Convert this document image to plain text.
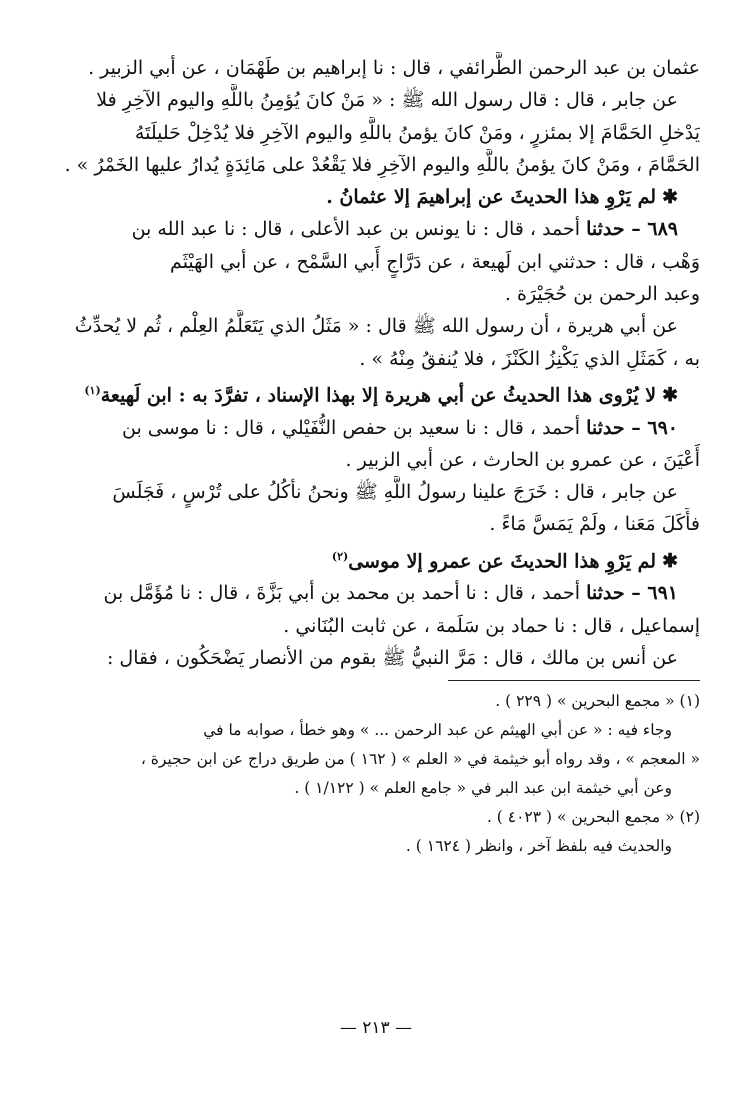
عثمان بن عبد الرحمن الطَّرائفي ، قال : نا إبراهيم بن طَهْمَان ، عن أبي الزبير .
عن جابر ، قال : قال رسول الله ﷺ : « مَنْ كانَ يُؤمِنُ باللَّهِ واليوم الآخِرِ فلا
يَدْخلِ الحَمَّامَ إلا بمئزرٍ ، ومَنْ كانَ يؤمنُ باللَّهِ واليوم الآخِرِ فلا يُدْخِلْ حَليلَتَهُ
الحَمَّامَ ، ومَنْ كانَ يؤمنُ باللَّهِ واليوم الآخِرِ فلا يَقْعُدْ على مَائِدَةٍ يُدارُ عليها الخَمْرُ » .
✱لم يَرْوِ هذا الحديثَ عن إبراهيمَ إلا عثمانُ .
٦٨٩ – حدثنا أحمد ، قال : نا يونس بن عبد الأعلى ، قال : نا عبد الله بن
وَهْب ، قال : حدثني ابن لَهيعة ، عن دَرَّاجٍ أَبي السَّمْح ، عن أبي الهَيْثَم
وعبد الرحمن بن حُجَيْرَة .
عن أبي هريرة ، أن رسول الله ﷺ قال : « مَثَلُ الذي يَتَعَلَّمُ العِلْم ، ثُم لا يُحدِّثُ
به ، كَمَثَلِ الذي يَكْنِزُ الكَنْزَ ، فلا يُنفقُ مِنْهُ » .
✱لا يُرْوى هذا الحديثُ عن أبي هريرة إلا بهذا الإسناد ، تفرَّدَ به : ابن لَهيعة$^{(١)}$
٦٩٠ – حدثنا أحمد ، قال : نا سعيد بن حفص النُّفَيْلي ، قال : نا موسى بن
أَعْيَنَ ، عن عمرو بن الحارث ، عن أبي الزبير .
عن جابر ، قال : خَرَجَ علينا رسولُ اللَّهِ ﷺ ونحنُ نأكُلُ على تُرْسٍ ، فَجَلَسَ
فأَكَلَ مَعَنا ، ولَمْ يَمَسَّ مَاءً .
✱لم يَرْوِ هذا الحديثَ عن عمرو إلا موسى$^{(٢)}$
٦٩١ – حدثنا أحمد ، قال : نا أحمد بن محمد بن أبي بَزَّةَ ، قال : نا مُؤَمَّل بن
إسماعيل ، قال : نا حماد بن سَلَمة ، عن ثابت البُنَاني .
عن أنس بن مالك ، قال : مَرَّ النبيُّ ﷺ بقوم من الأنصار يَضْحَكُون ، فقال :
(١) « مجمع البحرين » ( ٢٢٩ ) .
وجاء فيه : « عن أبي الهيثم عن عبد الرحمن ... » وهو خطأ ، صوابه ما في
« المعجم » ، وقد رواه أبو خيثمة في « العلم » ( ١٦٢ ) من طريق دراج عن ابن حجيرة ،
وعن أبي خيثمة ابن عبد البر في « جامع العلم » ( ١/١٢٢ ) .
(٢) « مجمع البحرين » ( ٤٠٢٣ ) .
والحديث فيه بلفظ آخر ، وانظر ( ١٦٢٤ ) .
— ٢١٣ —
